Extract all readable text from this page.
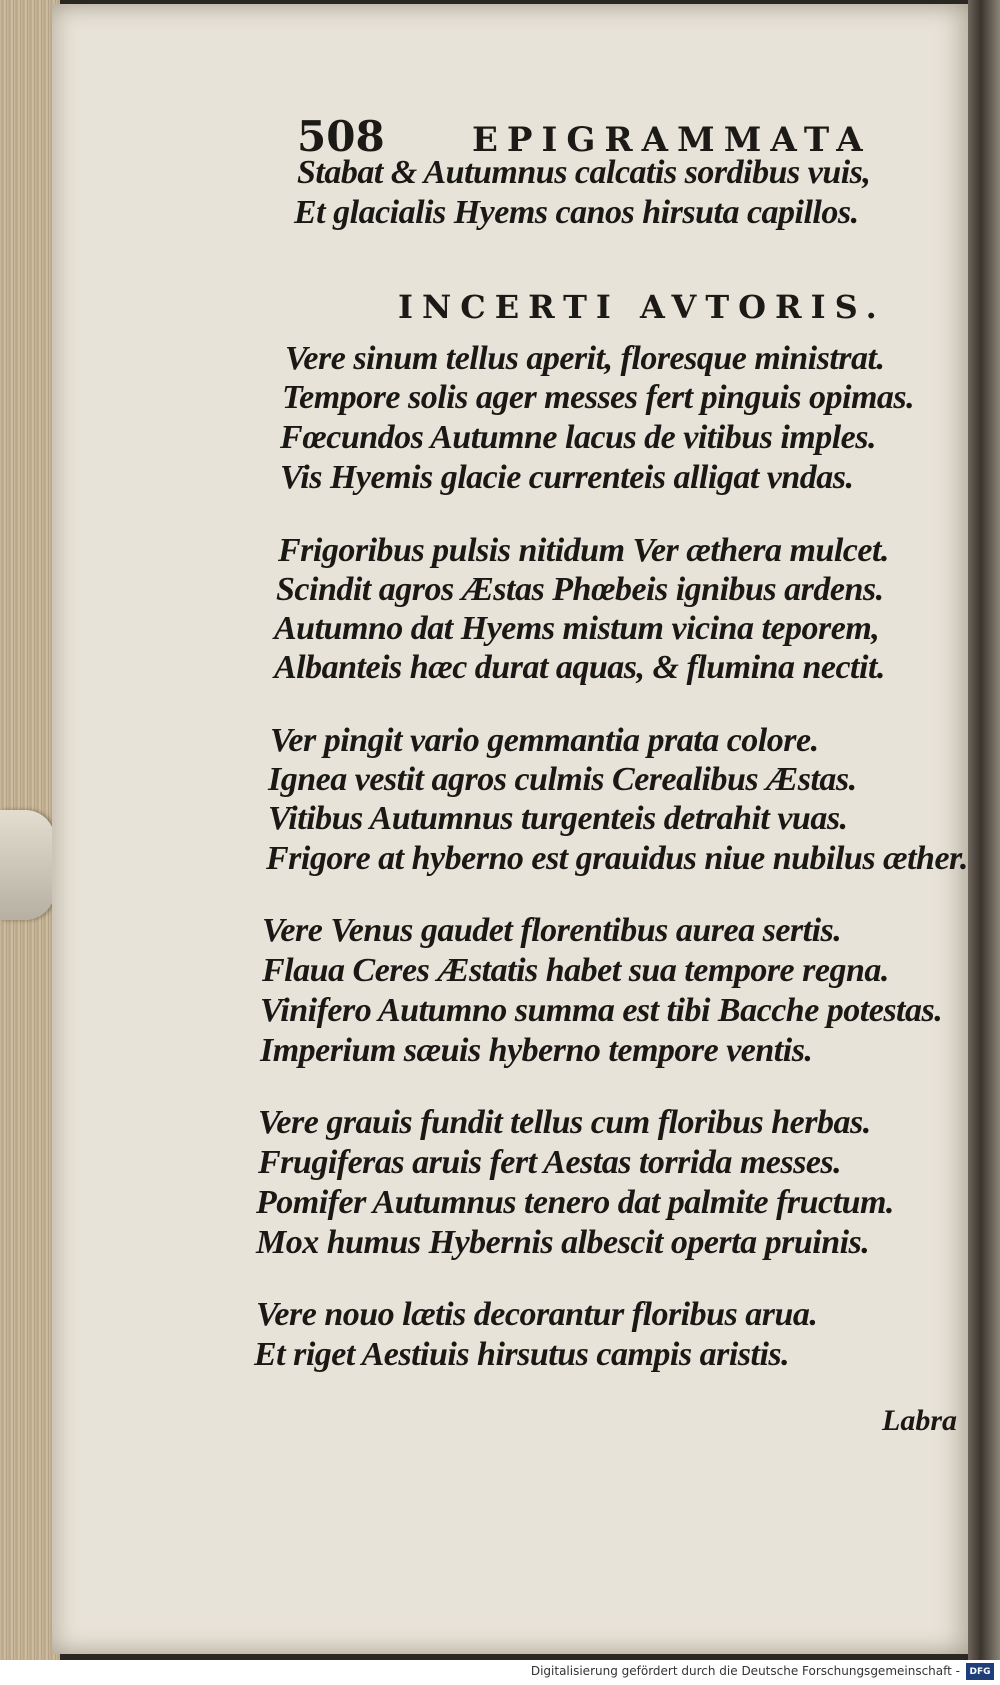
508	EPIGRAMMATA
Stabat & Autumnus calcatis sordibus vuis,
Et glacialis Hyems canos hirsuta capillos.
INCERTI AVTORIS.
Vere sinum tellus aperit, floresque ministrat.
Tempore solis ager messes fert pinguis opimas.
Fœcundos Autumne lacus de vitibus imples.
Vis Hyemis glacie currenteis alligat vndas.
Frigoribus pulsis nitidum Ver æthera mulcet.
Scindit agros Æstas Phœbeis ignibus ardens.
Autumno dat Hyems mistum vicina teporem,
Albanteis hæc durat aquas, & flumina nectit.
Ver pingit vario gemmantia prata colore.
Ignea vestit agros culmis Cerealibus Æstas.
Vitibus Autumnus turgenteis detrahit vuas.
Frigore at hyberno est grauidus niue nubilus æther.
Vere Venus gaudet florentibus aurea sertis.
Flaua Ceres Æstatis habet sua tempore regna.
Vinifero Autumno summa est tibi Bacche potestas.
Imperium sæuis hyberno tempore ventis.
Vere grauis fundit tellus cum floribus herbas.
Frugiferas aruis fert Aestas torrida messes.
Pomifer Autumnus tenero dat palmite fructum.
Mox humus Hybernis albescit operta pruinis.
Vere nouo lætis decorantur floribus arua.
Et riget Aestiuis hirsutus campis aristis.
Labra
Digitalisierung gefördert durch die Deutsche Forschungsgemeinschaft -	DFG
